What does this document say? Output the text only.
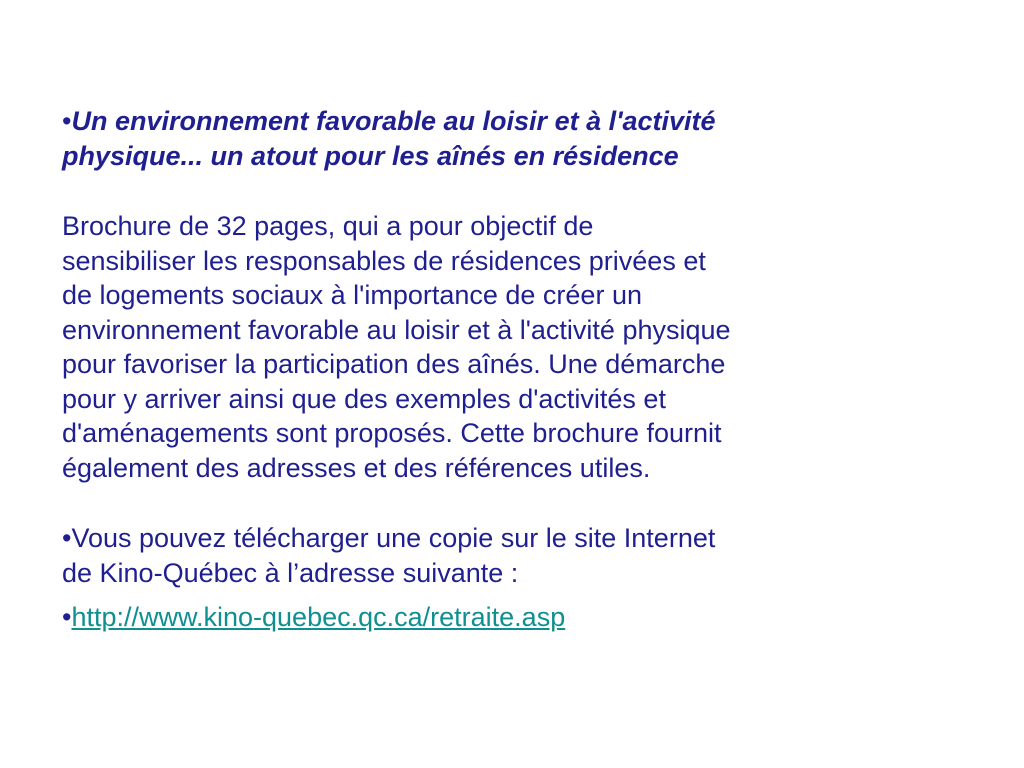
•Un environnement favorable au loisir et à l'activité
physique... un atout pour les aînés en résidence

Brochure de 32 pages, qui a pour objectif de
sensibiliser les responsables de résidences privées et
de logements sociaux à l'importance de créer un
environnement favorable au loisir et à l'activité physique
pour favoriser la participation des aînés. Une démarche
pour y arriver ainsi que des exemples d'activités et
d'aménagements sont proposés. Cette brochure fournit
également des adresses et des références utiles.

•Vous pouvez télécharger une copie sur le site Internet
de Kino-Québec à l’adresse suivante :

•http://www.kino-quebec.qc.ca/retraite.asp
